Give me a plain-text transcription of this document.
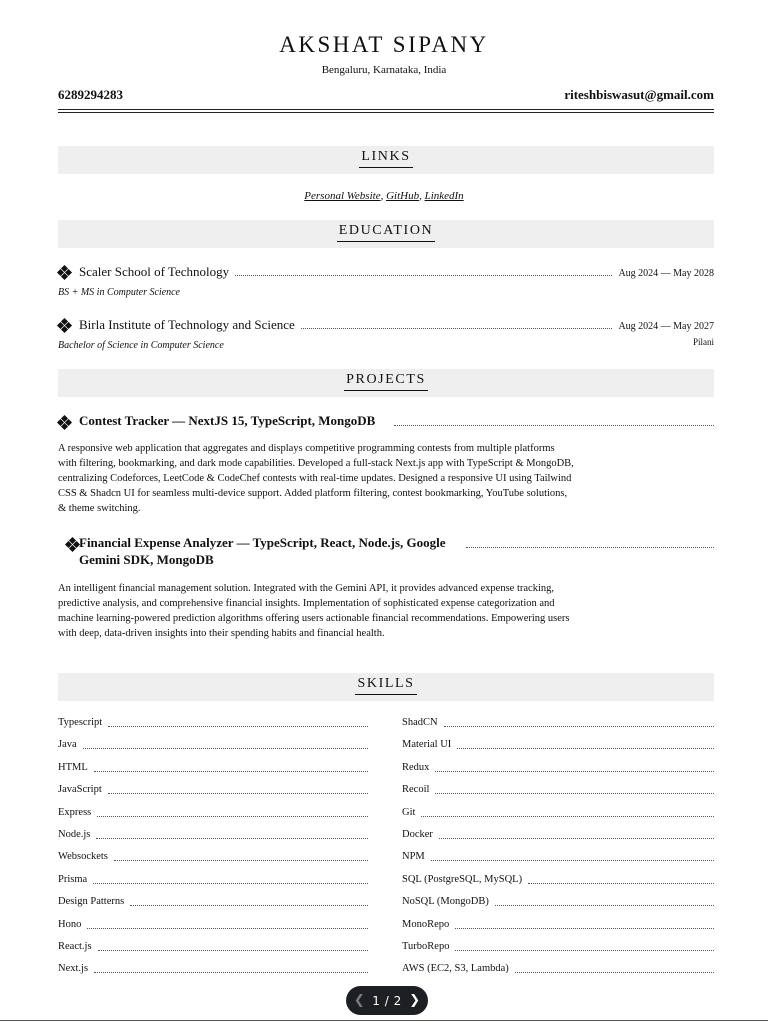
AKSHAT SIPANY
Bengaluru, Karnataka, India
6289294283	riteshbiswasut@gmail.com
LINKS
Personal Website, GitHub, LinkedIn
EDUCATION
Scaler School of Technology	Aug 2024 — May 2028
BS + MS in Computer Science
Birla Institute of Technology and Science	Aug 2024 — May 2027
Pilani
Bachelor of Science in Computer Science
PROJECTS
Contest Tracker — NextJS 15, TypeScript, MongoDB
A responsive web application that aggregates and displays competitive programming contests from multiple platforms with filtering, bookmarking, and dark mode capabilities. Developed a full-stack Next.js app with TypeScript & MongoDB, centralizing Codeforces, LeetCode & CodeChef contests with real-time updates. Designed a responsive UI using Tailwind CSS & Shadcn UI for seamless multi-device support. Added platform filtering, contest bookmarking, YouTube solutions, & theme switching.
Financial Expense Analyzer — TypeScript, React, Node.js, Google Gemini SDK, MongoDB
An intelligent financial management solution. Integrated with the Gemini API, it provides advanced expense tracking, predictive analysis, and comprehensive financial insights. Implementation of sophisticated expense categorization and machine learning-powered prediction algorithms offering users actionable financial recommendations. Empowering users with deep, data-driven insights into their spending habits and financial health.
SKILLS
Typescript
Java
HTML
JavaScript
Express
Node.js
Websockets
Prisma
Design Patterns
Hono
React.js
Next.js
ShadCN
Material UI
Redux
Recoil
Git
Docker
NPM
SQL (PostgreSQL, MySQL)
NoSQL (MongoDB)
MonoRepo
TurboRepo
AWS (EC2, S3, Lambda)
❮ 1 / 2 ❯
